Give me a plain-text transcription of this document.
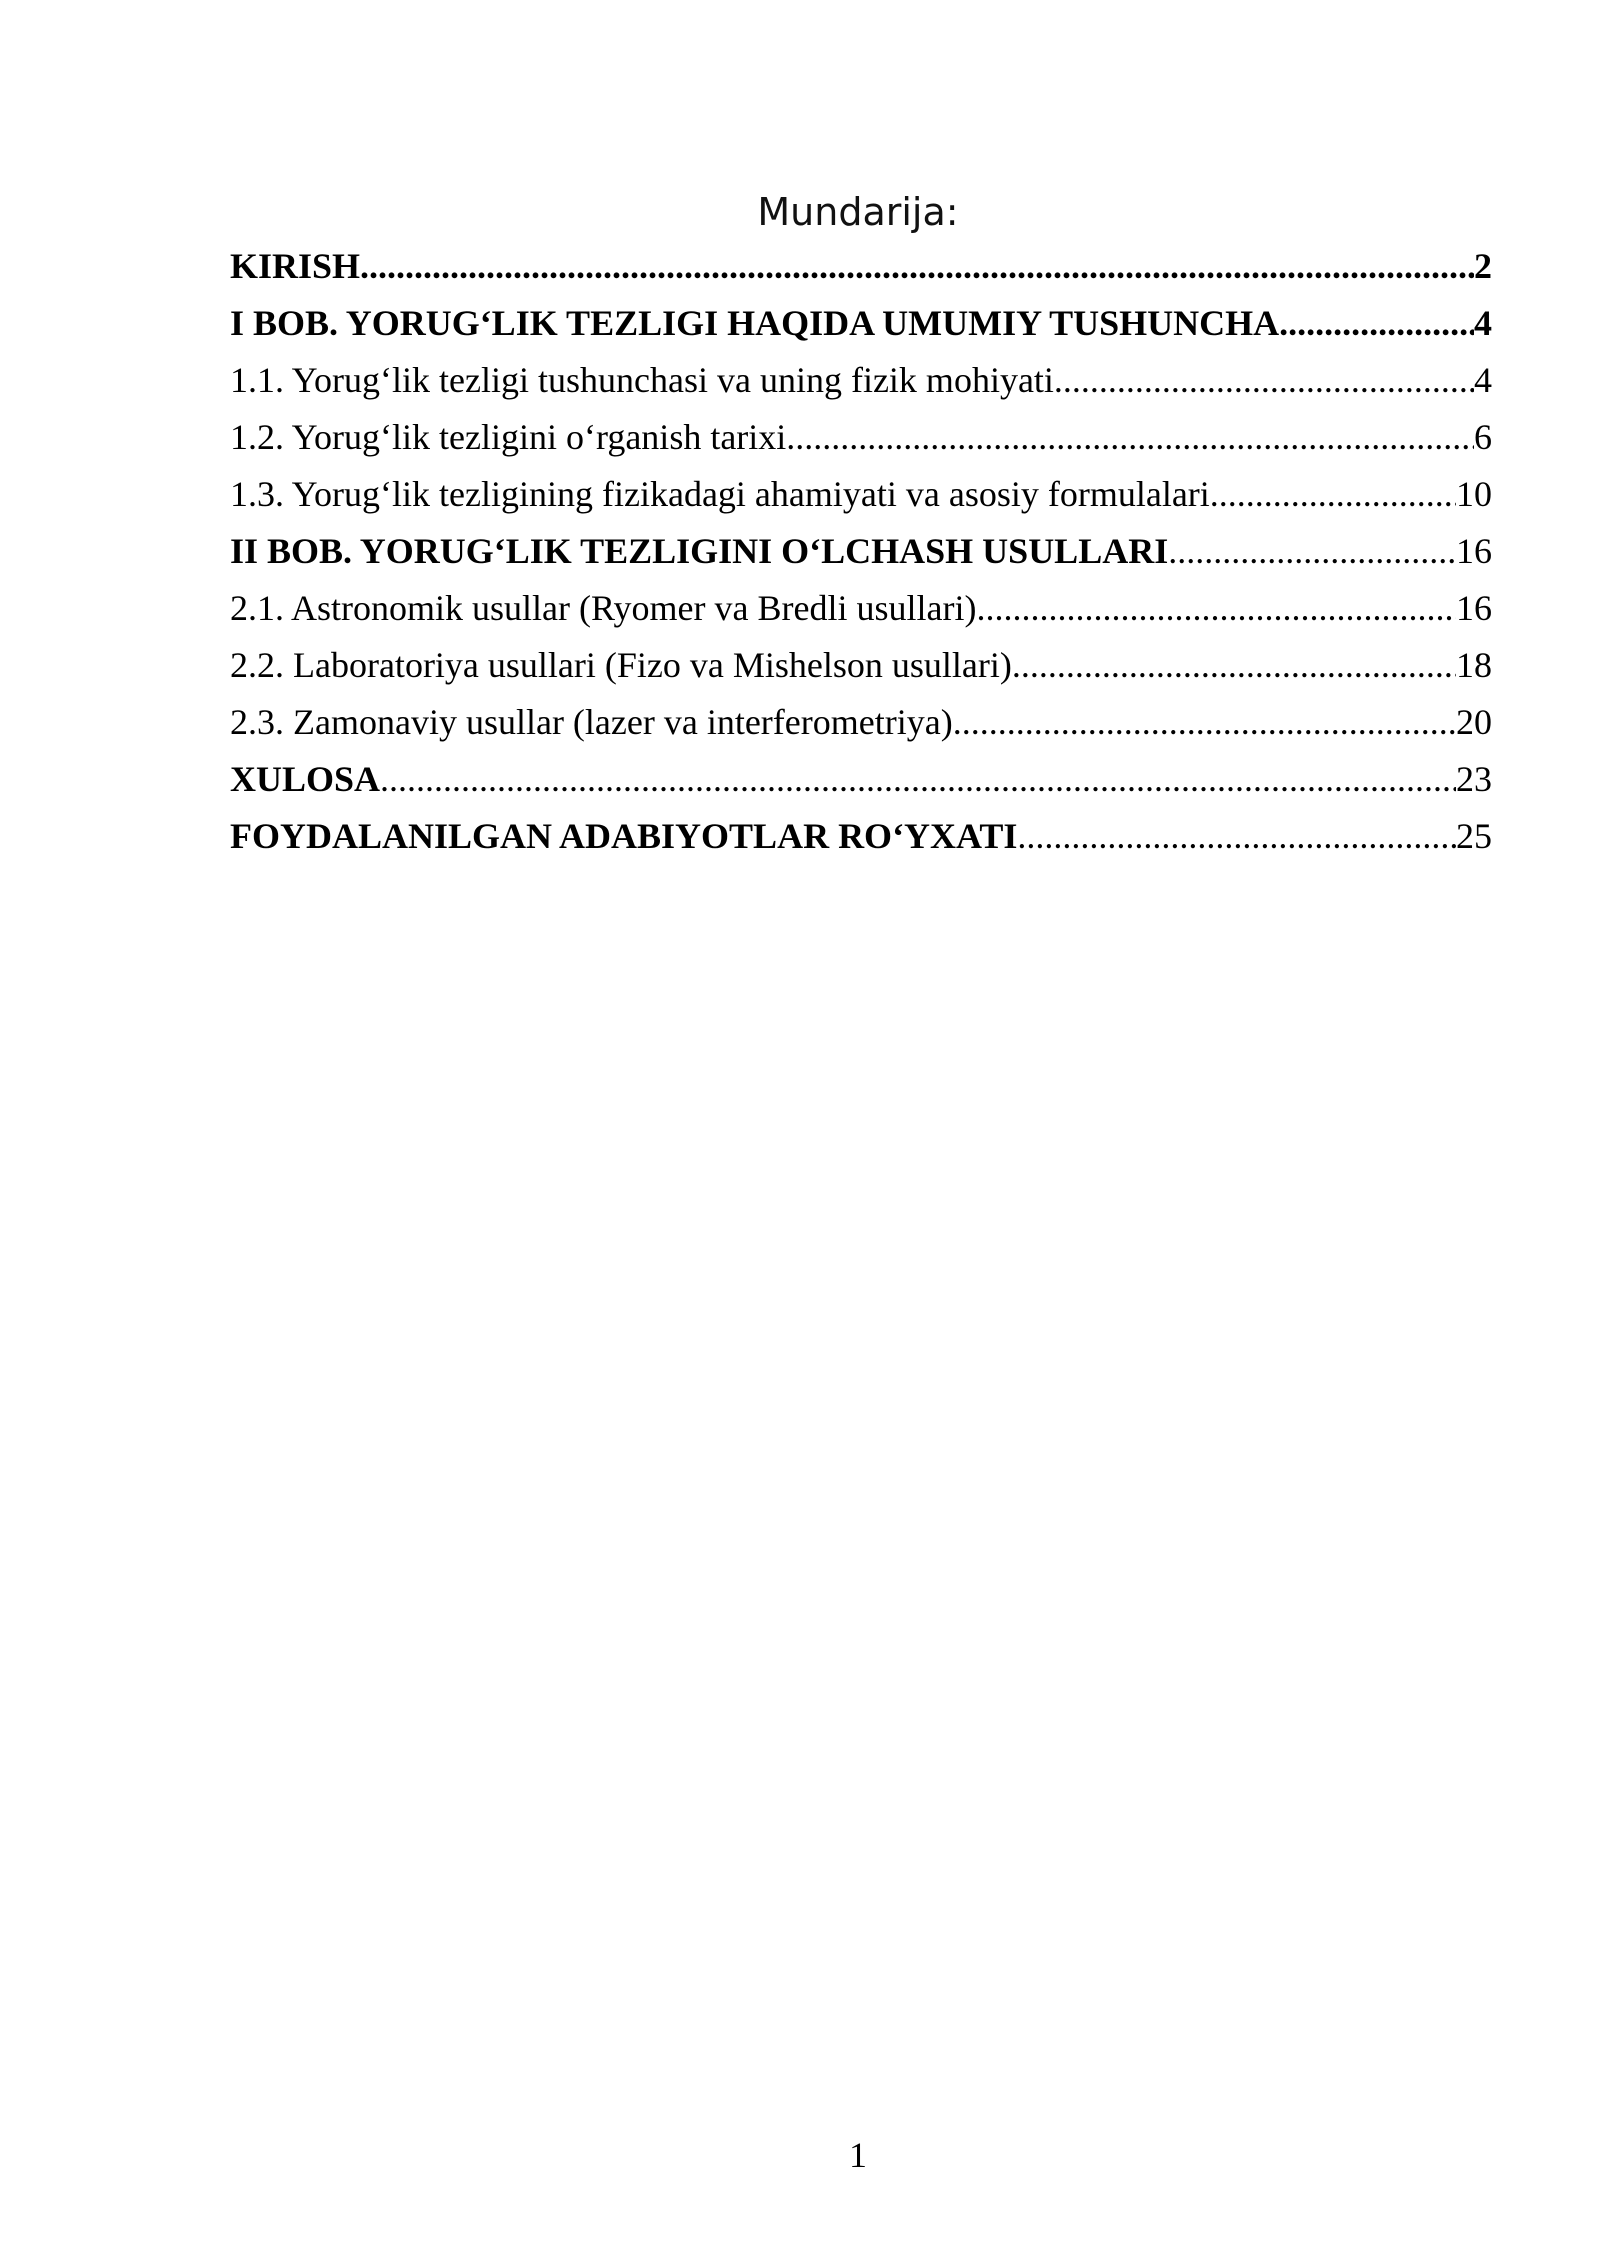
Mundarija:
KIRISH .....	2
I BOB. YORUG‘LIK TEZLIGI HAQIDA UMUMIY TUSHUNCHA .....	4
1.1. Yorug‘lik tezligi tushunchasi va uning fizik mohiyati .....	4
1.2. Yorug‘lik tezligini o‘rganish tarixi .....	6
1.3. Yorug‘lik tezligining fizikadagi ahamiyati va asosiy formulalari .....	10
II BOB. YORUG‘LIK TEZLIGINI O‘LCHASH USULLARI .....	16
2.1. Astronomik usullar (Ryomer va Bredli usullari) .....	16
2.2. Laboratoriya usullari (Fizo va Mishelson usullari) .....	18
2.3. Zamonaviy usullar (lazer va interferometriya) .....	20
XULOSA .....	23
FOYDALANILGAN ADABIYOTLAR RO‘YXATI .....	25
1
